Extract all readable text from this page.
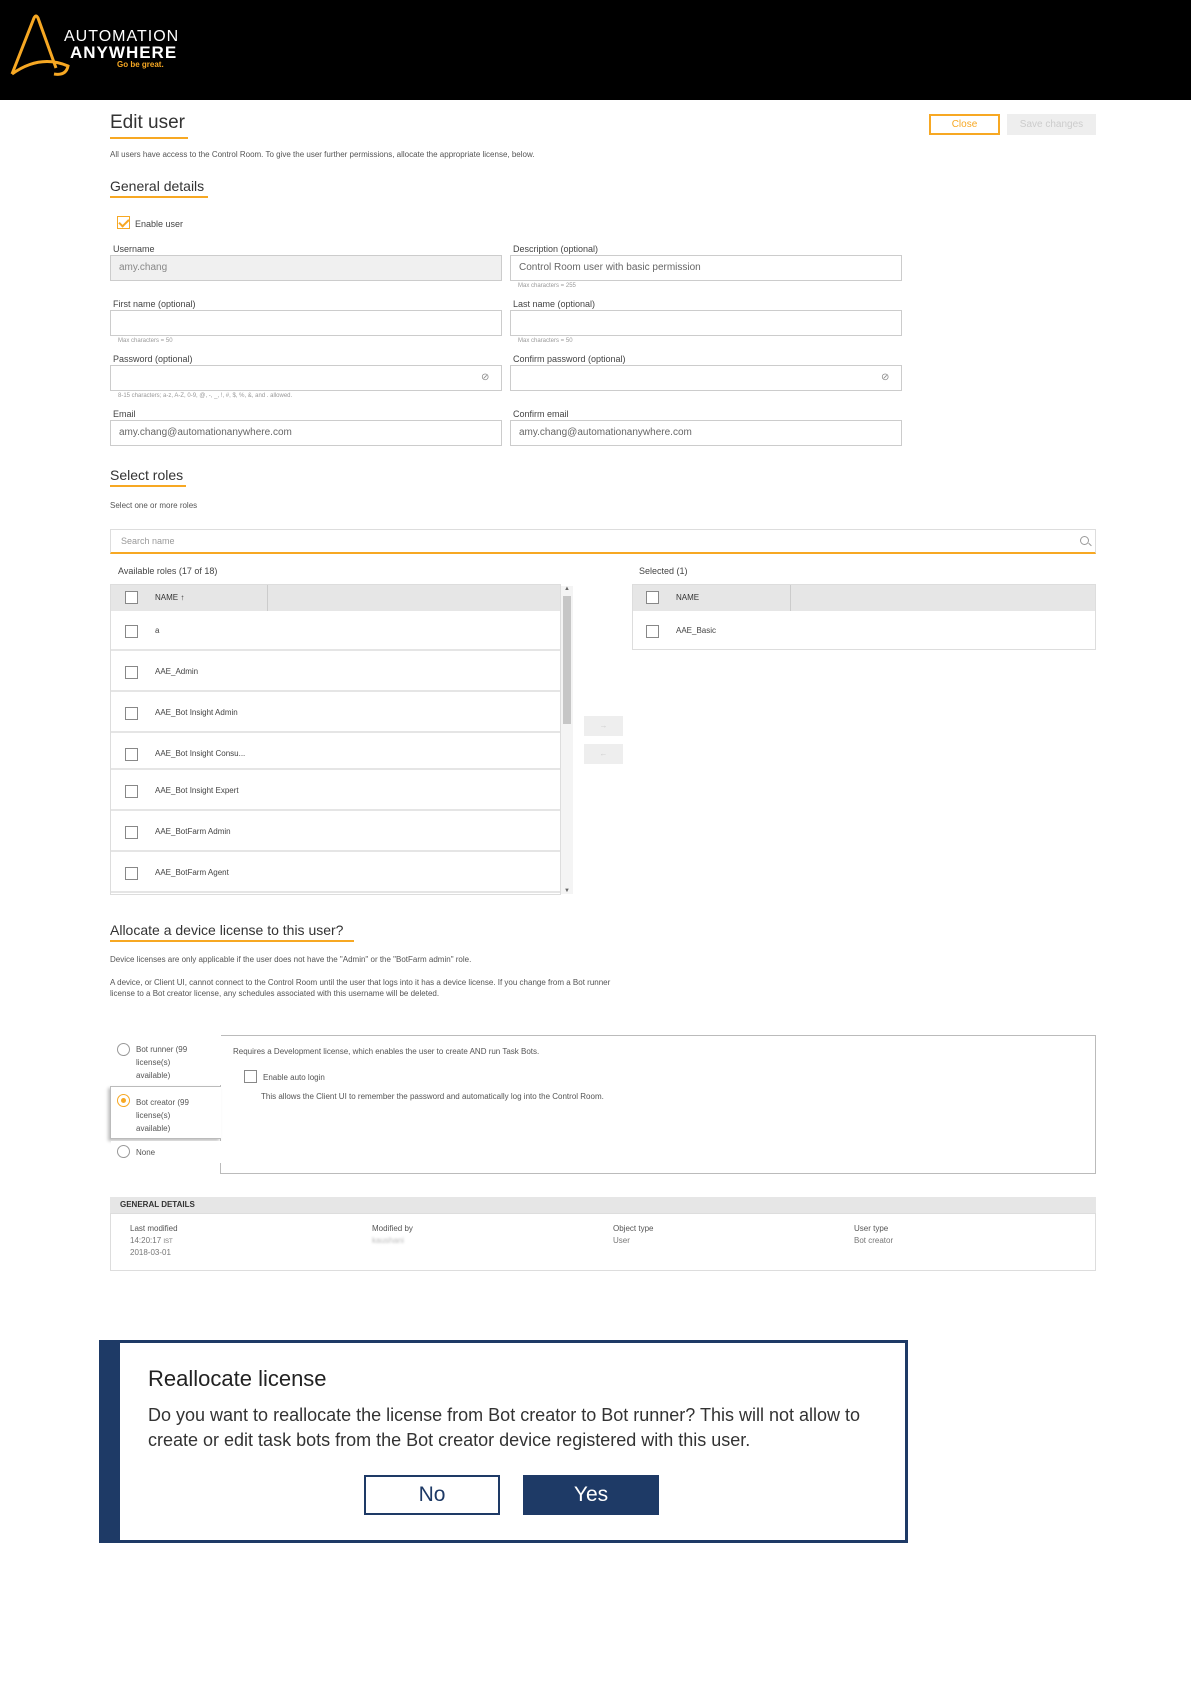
AUTOMATION
ANYWHERE
Go be great.
Edit user	Close	Save changes
All users have access to the Control Room. To give the user further permissions, allocate the appropriate license, below.
General details
Enable user
Username
amy.chang
Description (optional)
Control Room user with basic permission
Max characters = 255
First name (optional)
Max characters = 50
Last name (optional)
Max characters = 50
Password (optional)
⊘
8-15 characters; a-z, A-Z, 0-9, @, -, _, !, #, $, %, &, and . allowed.
Confirm password (optional)
⊘
Email
amy.chang@automationanywhere.com
Confirm email
amy.chang@automationanywhere.com
Select roles
Select one or more roles
Search name
Available roles (17 of 18)	Selected (1)
NAME ↑
a
AAE_Admin
AAE_Bot Insight Admin
AAE_Bot Insight Consu...
AAE_Bot Insight Expert
AAE_BotFarm Admin
AAE_BotFarm Agent
▲
▼
→
←
NAME
AAE_Basic
Allocate a device license to this user?
Device licenses are only applicable if the user does not have the "Admin" or the "BotFarm admin" role.
A device, or Client UI, cannot connect to the Control Room until the user that logs into it has a device license. If you change from a Bot runner
license to a Bot creator license, any schedules associated with this username will be deleted.
Requires a Development license, which enables the user to create AND run Task Bots.
Enable auto login
This allows the Client UI to remember the password and automatically log into the Control Room.
Bot runner (99
license(s)
available)
Bot creator (99
license(s)
available)
None
GENERAL DETAILS
Last modified
14:20:17 IST
2018-03-01
Modified by
kaushani
Object type
User
User type
Bot creator
Reallocate license
Do you want to reallocate the license from Bot creator to Bot runner? This will not allow to create or edit task bots from the Bot creator device registered with this user.
No	Yes
